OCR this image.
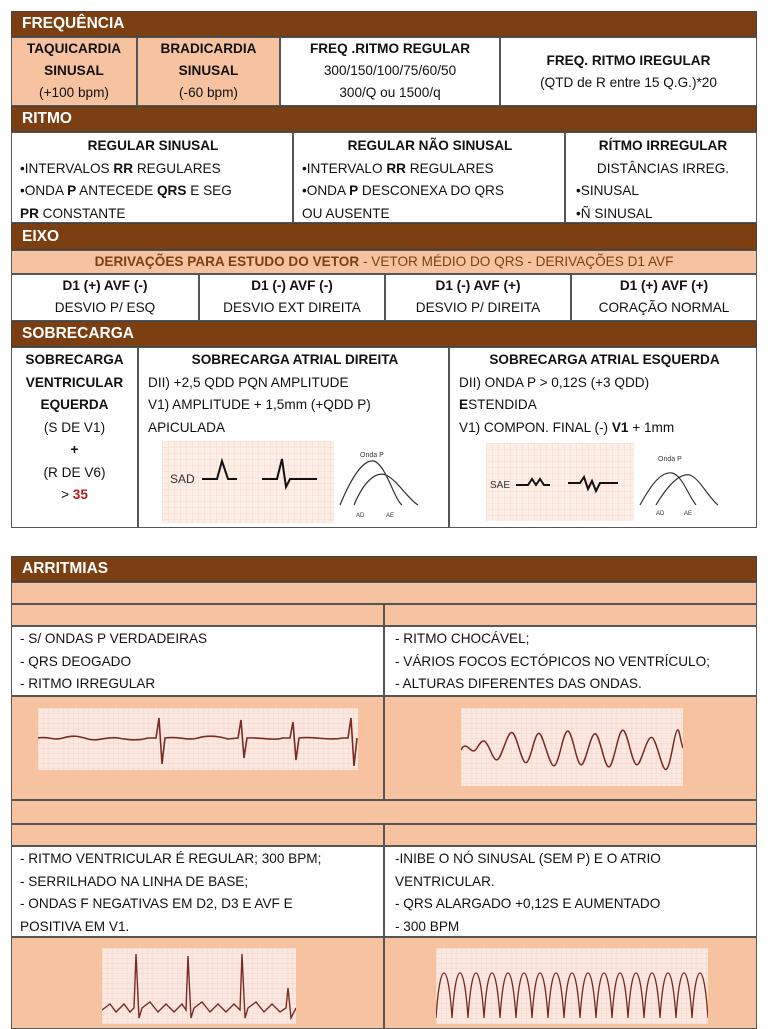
FREQUÊNCIA
TAQUICARDIA
SINUSAL
(+100 bpm)
BRADICARDIA
SINUSAL
(-60 bpm)
FREQ .RITMO REGULAR
300/150/100/75/60/50
300/Q ou 1500/q
FREQ. RITMO IREGULAR
(QTD de R entre 15 Q.G.)*20
RITMO
REGULAR SINUSAL
• INTERVALOS RR REGULARES
• ONDA P ANTECEDE QRS E SEG
PR CONSTANTE
REGULAR NÃO SINUSAL
• INTERVALO RR REGULARES
• ONDA P DESCONEXA DO QRS
OU AUSENTE
RÍTMO IRREGULAR
DISTÂNCIAS IRREG.
• SINUSAL
• Ñ SINUSAL
EIXO
DERIVAÇÕES PARA ESTUDO DO VETOR - VETOR MÉDIO DO QRS - DERIVAÇÕES D1 AVF
D1 (+) AVF (-)
DESVIO P/ ESQ
D1 (-) AVF (-)
DESVIO EXT DIREITA
D1 (-) AVF (+)
DESVIO P/ DIREITA
D1 (+) AVF (+)
CORAÇÃO NORMAL
SOBRECARGA
SOBRECARGA
VENTRICULAR
EQUERDA
(S DE V1)
+
(R DE V6)
> 35
SOBRECARGA ATRIAL DIREITA
DII) +2,5 QDD PQN AMPLITUDE
V1) AMPLITUDE + 1,5mm (+QDD P)
APICULADA
SAD
Onda P
AD	AE
SOBRECARGA ATRIAL ESQUERDA
DII) ONDA P > 0,12S (+3 QDD)
ESTENDIDA
V1) COMPON. FINAL (-) V1 + 1mm
SAE
Onda P
AD	AE
ARRITMIAS
- S/ ONDAS P VERDADEIRAS
- QRS DEOGADO
- RITMO IRREGULAR
- RITMO CHOCÁVEL;
- VÁRIOS FOCOS ECTÓPICOS NO VENTRÍCULO;
- ALTURAS DIFERENTES DAS ONDAS.
- RITMO VENTRICULAR É REGULAR; 300 BPM;
- SERRILHADO NA LINHA DE BASE;
- ONDAS F NEGATIVAS EM D2, D3 E AVF E
POSITIVA EM V1.
-INIBE O NÓ SINUSAL (SEM P) E O ATRIO
VENTRICULAR.
- QRS ALARGADO +0,12S E AUMENTADO
- 300 BPM
